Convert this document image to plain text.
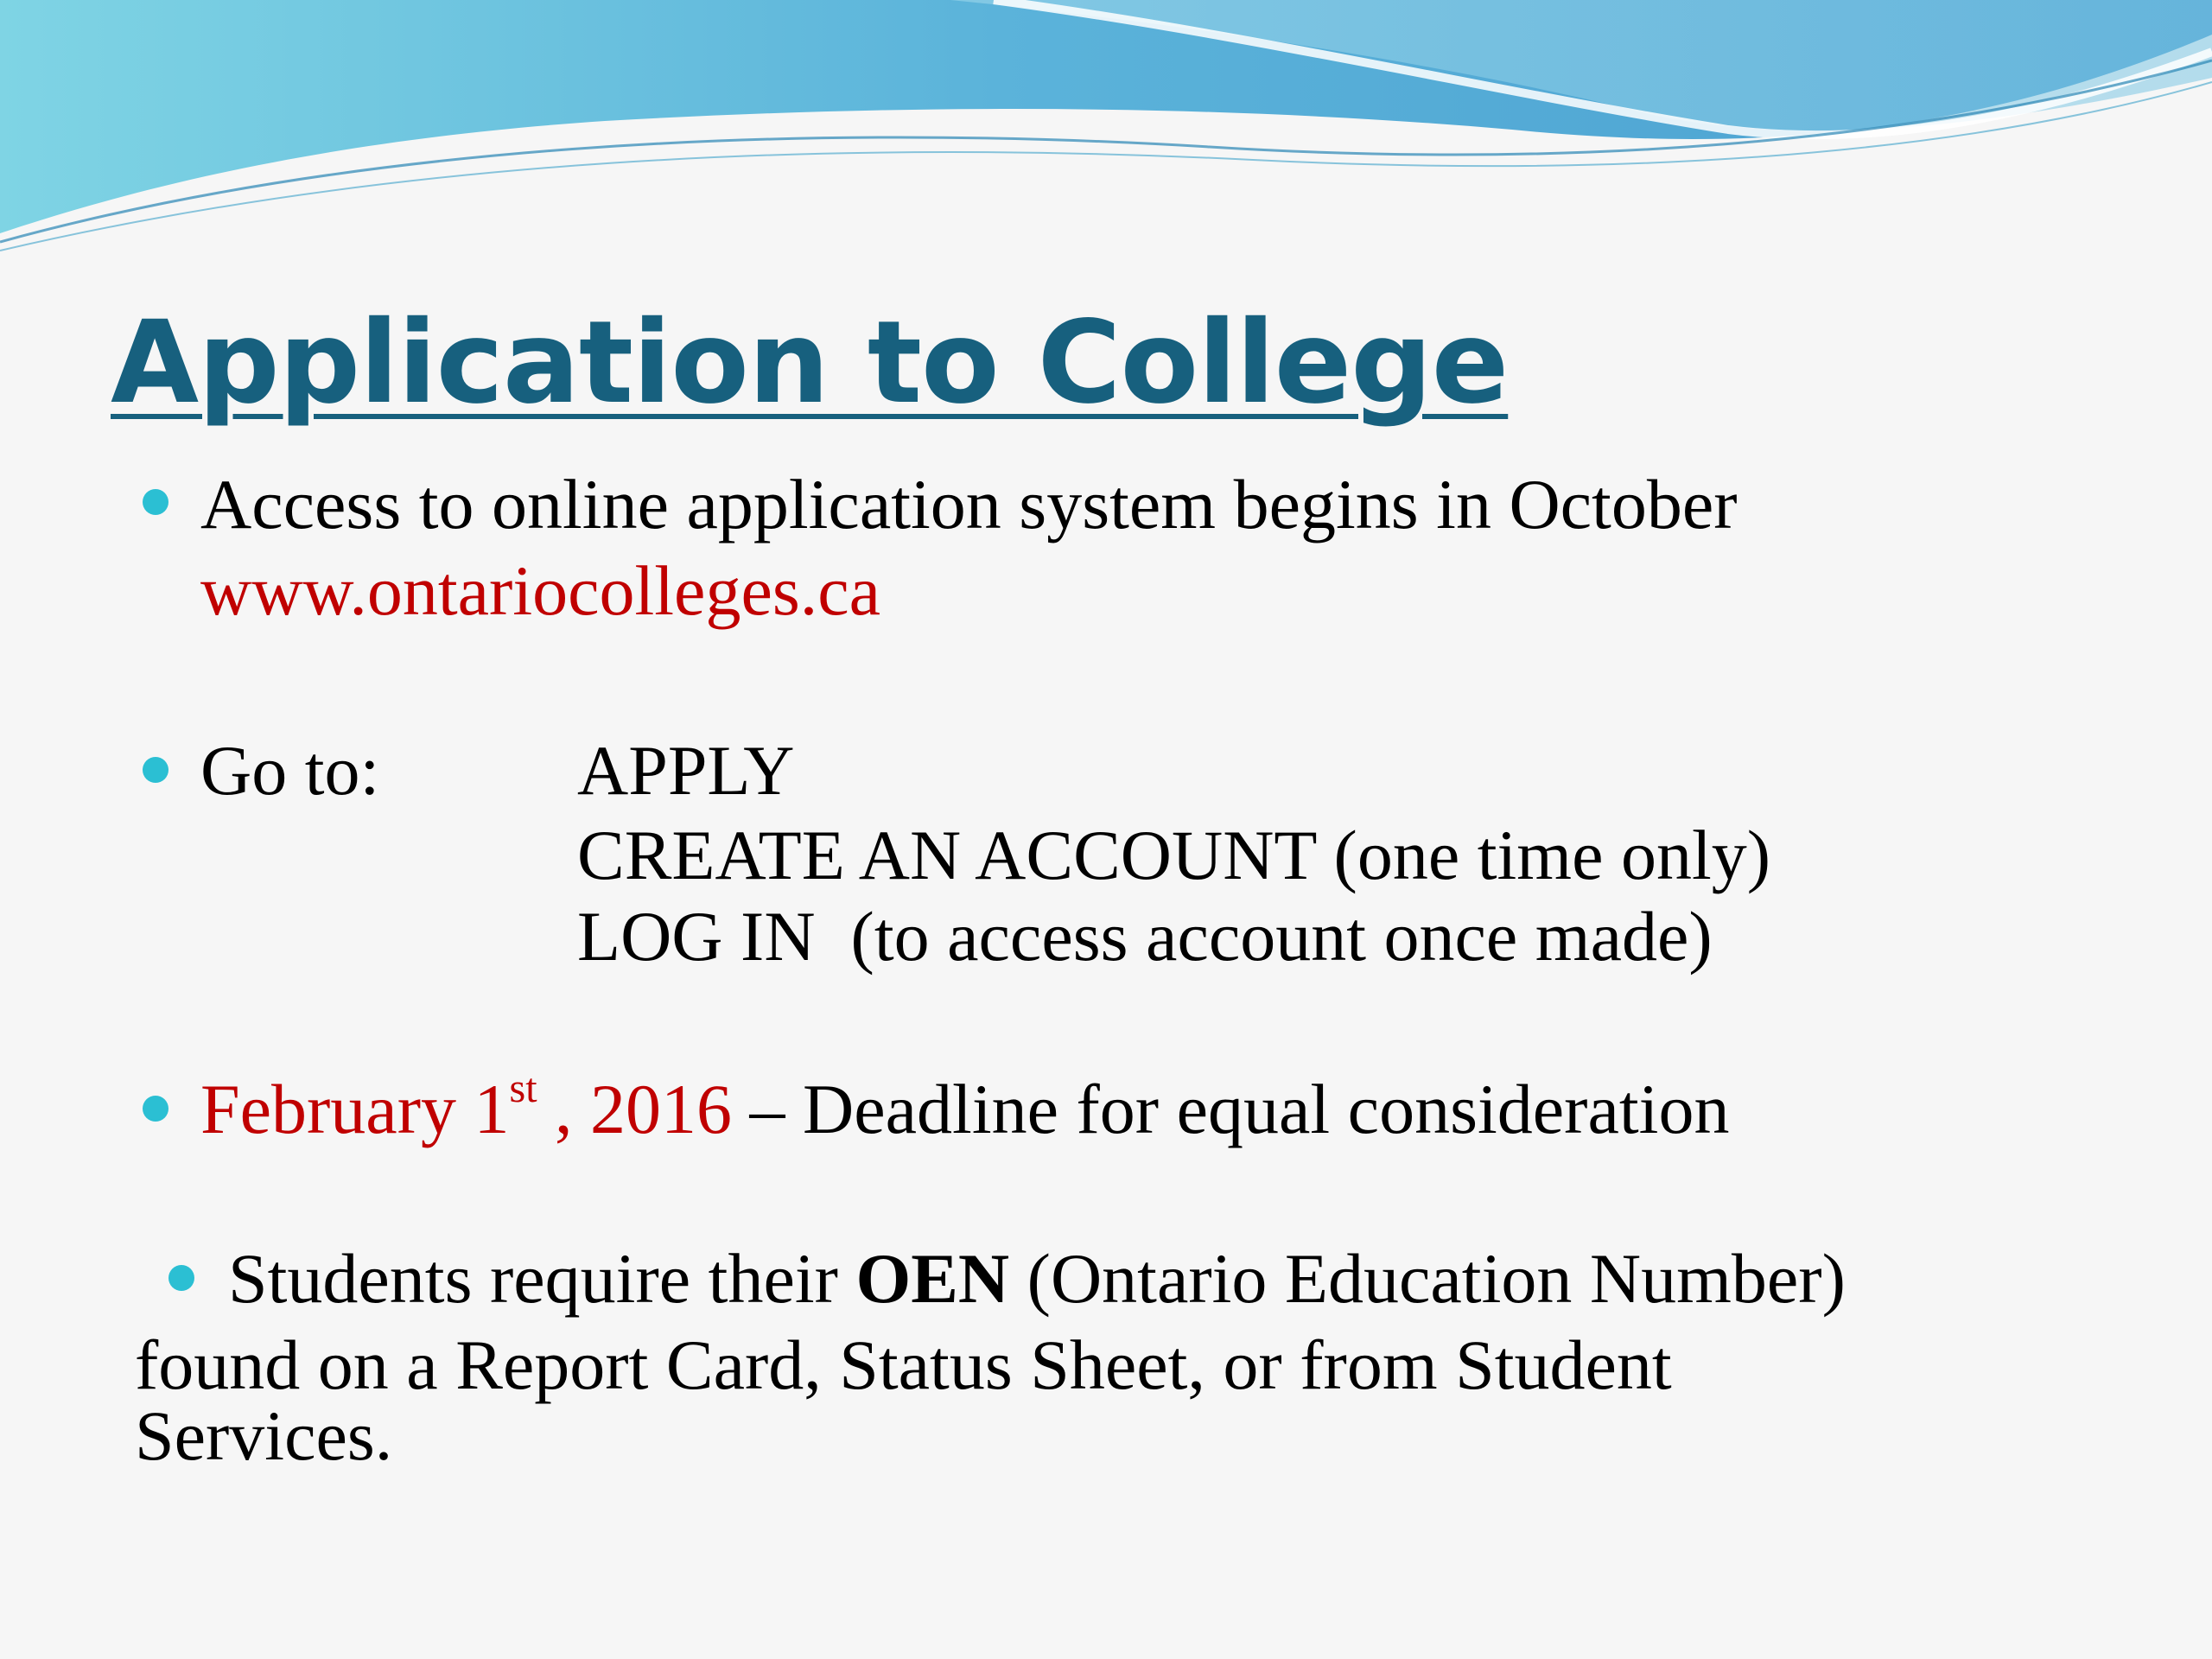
Application to College
Access to online application system begins in October
www.ontariocolleges.ca
Go to:	APPLY
CREATE AN ACCOUNT (one time only)
LOG IN  (to access account once made)
February 1st , 2016 – Deadline for equal consideration
Students require their OEN (Ontario Education Number)
found on a Report Card, Status Sheet, or from Student
Services.
